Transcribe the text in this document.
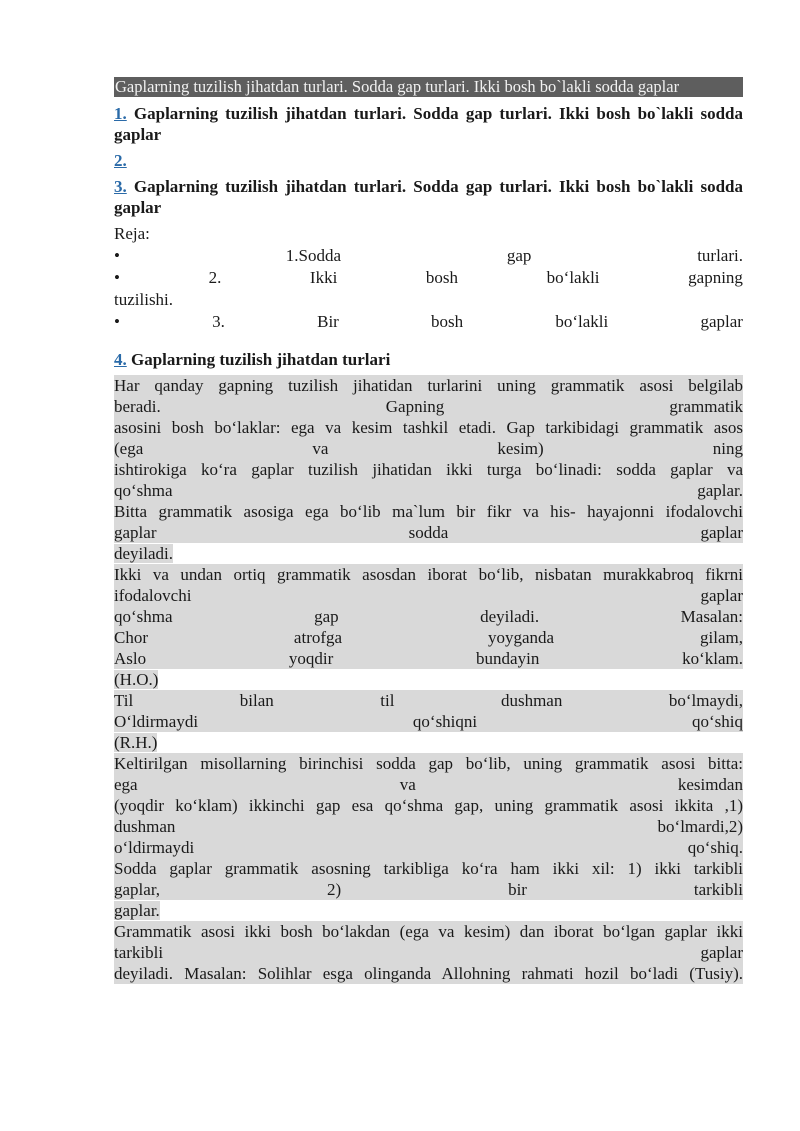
Gaplarning tuzilish jihatdan turlari. Sodda gap turlari. Ikki bosh bo`lakli sodda gaplar

1. Gaplarning tuzilish jihatdan turlari. Sodda gap turlari. Ikki bosh bo`lakli sodda gaplar

2.

3. Gaplarning tuzilish jihatdan turlari. Sodda gap turlari. Ikki bosh bo`lakli sodda gaplar

Reja:

•	1.Sodda	gap	turlari.
•	2.	Ikki	bosh	bo‘lakli	gapning

tuzilishi.

•	3.	Bir	bosh	bo‘lakli	gaplar

4. Gaplarning tuzilish jihatdan turlari

Har qanday gapning tuzilish jihatidan turlarini uning grammatik asosi belgilab
beradi.	Gapning	grammatik
asosini bosh bo‘laklar: ega va kesim tashkil etadi. Gap tarkibidagi grammatik asos
(ega	va	kesim)	ning
ishtirokiga ko‘ra gaplar tuzilish jihatidan ikki turga bo‘linadi: sodda gaplar va
qo‘shma	gaplar.
Bitta grammatik asosiga ega bo‘lib ma`lum bir fikr va his- hayajonni ifodalovchi
gaplar	sodda	gaplar
deyiladi.
Ikki va undan ortiq grammatik asosdan iborat bo‘lib, nisbatan murakkabroq fikrni
ifodalovchi	gaplar
qo‘shma	gap	deyiladi.	Masalan:
Chor	atrofga	yoyganda	gilam,
Aslo	yoqdir	bundayin	ko‘klam.
(H.O.)
Til	bilan	til	dushman	bo‘lmaydi,
O‘ldirmaydi	qo‘shiqni	qo‘shiq
(R.H.)
Keltirilgan misollarning birinchisi sodda gap bo‘lib, uning grammatik asosi bitta:
ega	va	kesimdan
(yoqdir ko‘klam) ikkinchi gap esa qo‘shma gap, uning grammatik asosi ikkita ,1)
dushman	bo‘lmardi,2)
o‘ldirmaydi	qo‘shiq.
Sodda gaplar grammatik asosning tarkibliga ko‘ra ham ikki xil: 1) ikki tarkibli
gaplar,	2)	bir	tarkibli
gaplar.
Grammatik asosi ikki bosh bo‘lakdan (ega va kesim) dan iborat bo‘lgan gaplar ikki
tarkibli	gaplar
deyiladi. Masalan: Solihlar esga olinganda Allohning rahmati hozil bo‘ladi (Tusiy).
